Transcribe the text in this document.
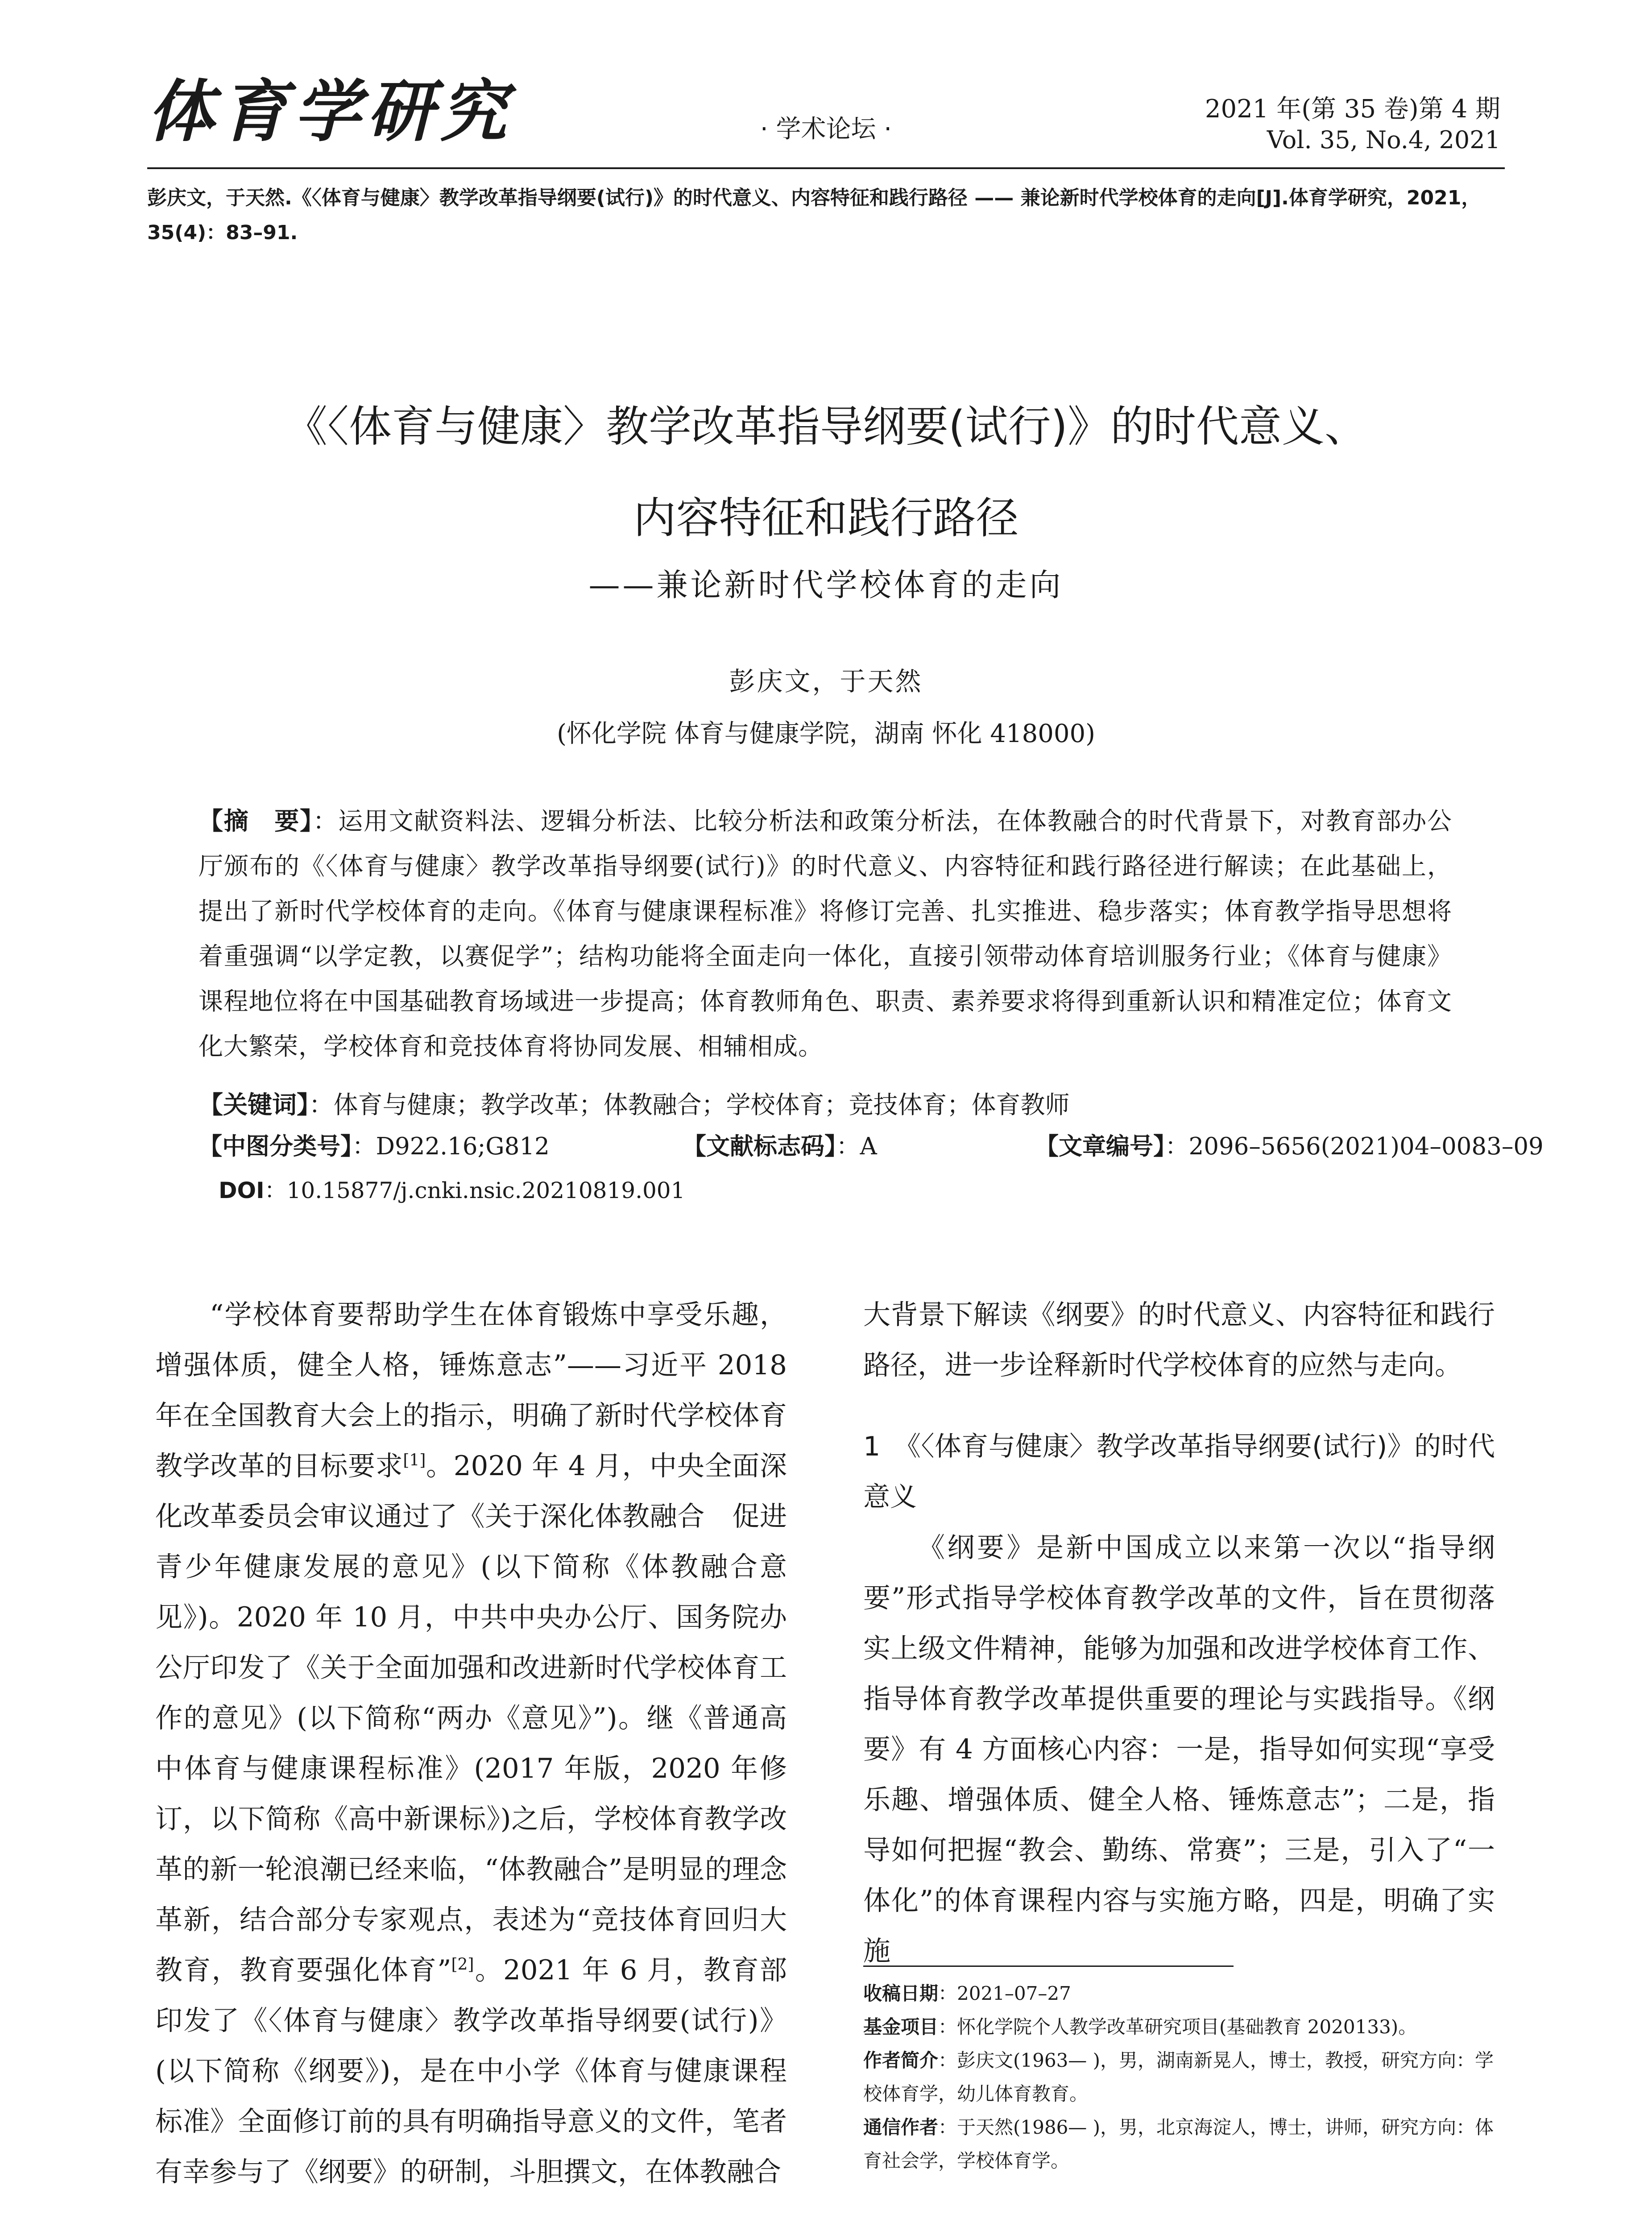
体育学研究	· 学术论坛 ·
2021 年(第 35 卷)第 4 期
Vol. 35, No.4, 2021
彭庆文，于天然.《〈体育与健康〉教学改革指导纲要(试行)》的时代意义、内容特征和践行路径 —— 兼论新时代学校体育的走向[J].体育学研究，2021，35(4)：83–91.
《〈体育与健康〉教学改革指导纲要(试行)》的时代意义、
内容特征和践行路径
——兼论新时代学校体育的走向
彭庆文，于天然
(怀化学院 体育与健康学院，湖南 怀化 418000)
【摘　要】：运用文献资料法、逻辑分析法、比较分析法和政策分析法，在体教融合的时代背景下，对教育部办公厅颁布的《〈体育与健康〉教学改革指导纲要(试行)》的时代意义、内容特征和践行路径进行解读；在此基础上，提出了新时代学校体育的走向。《体育与健康课程标准》将修订完善、扎实推进、稳步落实；体育教学指导思想将着重强调“以学定教，以赛促学”；结构功能将全面走向一体化，直接引领带动体育培训服务行业；《体育与健康》课程地位将在中国基础教育场域进一步提高；体育教师角色、职责、素养要求将得到重新认识和精准定位；体育文化大繁荣，学校体育和竞技体育将协同发展、相辅相成。
【关键词】：体育与健康；教学改革；体教融合；学校体育；竞技体育；体育教师
【中图分类号】：D922.16;G812	【文献标志码】：A	【文章编号】：2096–5656(2021)04–0083–09
DOI：10.15877/j.cnki.nsic.20210819.001

“学校体育要帮助学生在体育锻炼中享受乐趣，增强体质，健全人格，锤炼意志”——习近平 2018 年在全国教育大会上的指示，明确了新时代学校体育教学改革的目标要求[1]。2020 年 4 月，中央全面深化改革委员会审议通过了《关于深化体教融合　促进青少年健康发展的意见》(以下简称《体教融合意见》)。2020 年 10 月，中共中央办公厅、国务院办公厅印发了《关于全面加强和改进新时代学校体育工作的意见》(以下简称“两办《意见》”)。继《普通高中体育与健康课程标准》(2017 年版，2020 年修订，以下简称《高中新课标》)之后，学校体育教学改革的新一轮浪潮已经来临，“体教融合”是明显的理念革新，结合部分专家观点，表述为“竞技体育回归大教育，教育要强化体育”[2]。2021 年 6 月，教育部印发了《〈体育与健康〉教学改革指导纲要(试行)》(以下简称《纲要》)，是在中小学《体育与健康课程标准》全面修订前的具有明确指导意义的文件，笔者有幸参与了《纲要》的研制，斗胆撰文，在体教融合

大背景下解读《纲要》的时代意义、内容特征和践行路径，进一步诠释新时代学校体育的应然与走向。

1　《〈体育与健康〉教学改革指导纲要(试行)》的时代意义

《纲要》是新中国成立以来第一次以“指导纲要”形式指导学校体育教学改革的文件，旨在贯彻落实上级文件精神，能够为加强和改进学校体育工作、指导体育教学改革提供重要的理论与实践指导。《纲要》有 4 方面核心内容：一是，指导如何实现“享受乐趣、增强体质、健全人格、锤炼意志”；二是，指导如何把握“教会、勤练、常赛”；三是，引入了“一体化”的体育课程内容与实施方略，四是，明确了实施

收稿日期：2021–07–27
基金项目：怀化学院个人教学改革研究项目(基础教育 2020133)。
作者简介：彭庆文(1963— )，男，湖南新晃人，博士，教授，研究方向：学校体育学，幼儿体育教育。
通信作者：于天然(1986— )，男，北京海淀人，博士，讲师，研究方向：体育社会学，学校体育学。
